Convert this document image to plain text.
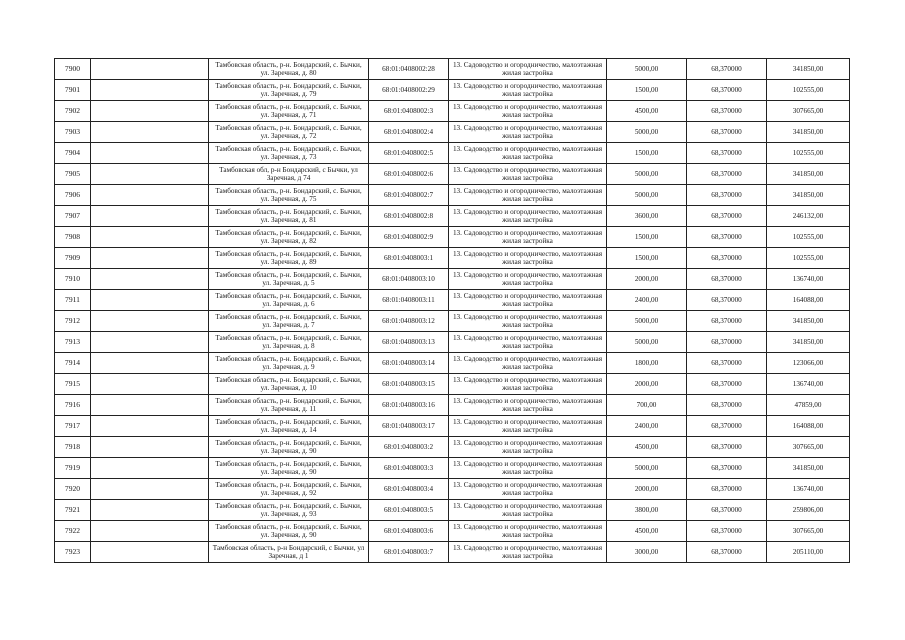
7900		Тамбовская область, р-н. Бондарский, с. Бычки, ул. Заречная, д. 80	68:01:0408002:28	13. Садоводство и огородничество, малоэтажная жилая застройка	5000,00	68,370000	341850,00
7901		Тамбовская область, р-н. Бондарский, с. Бычки, ул. Заречная, д. 79	68:01:0408002:29	13. Садоводство и огородничество, малоэтажная жилая застройка	1500,00	68,370000	102555,00
7902		Тамбовская область, р-н. Бондарский, с. Бычки, ул. Заречная, д. 71	68:01:0408002:3	13. Садоводство и огородничество, малоэтажная жилая застройка	4500,00	68,370000	307665,00
7903		Тамбовская область, р-н. Бондарский, с. Бычки, ул. Заречная, д. 72	68:01:0408002:4	13. Садоводство и огородничество, малоэтажная жилая застройка	5000,00	68,370000	341850,00
7904		Тамбовская область, р-н. Бондарский, с. Бычки, ул. Заречная, д. 73	68:01:0408002:5	13. Садоводство и огородничество, малоэтажная жилая застройка	1500,00	68,370000	102555,00
7905		Тамбовская обл, р-н Бондарский, с Бычки, ул Заречная, д 74	68:01:0408002:6	13. Садоводство и огородничество, малоэтажная жилая застройка	5000,00	68,370000	341850,00
7906		Тамбовская область, р-н. Бондарский, с. Бычки, ул. Заречная, д. 75	68:01:0408002:7	13. Садоводство и огородничество, малоэтажная жилая застройка	5000,00	68,370000	341850,00
7907		Тамбовская область, р-н. Бондарский, с. Бычки, ул. Заречная, д. 81	68:01:0408002:8	13. Садоводство и огородничество, малоэтажная жилая застройка	3600,00	68,370000	246132,00
7908		Тамбовская область, р-н. Бондарский, с. Бычки, ул. Заречная, д. 82	68:01:0408002:9	13. Садоводство и огородничество, малоэтажная жилая застройка	1500,00	68,370000	102555,00
7909		Тамбовская область, р-н. Бондарский, с. Бычки, ул. Заречная, д. 89	68:01:0408003:1	13. Садоводство и огородничество, малоэтажная жилая застройка	1500,00	68,370000	102555,00
7910		Тамбовская область, р-н. Бондарский, с. Бычки, ул. Заречная, д. 5	68:01:0408003:10	13. Садоводство и огородничество, малоэтажная жилая застройка	2000,00	68,370000	136740,00
7911		Тамбовская область, р-н. Бондарский, с. Бычки, ул. Заречная, д. 6	68:01:0408003:11	13. Садоводство и огородничество, малоэтажная жилая застройка	2400,00	68,370000	164088,00
7912		Тамбовская область, р-н. Бондарский, с. Бычки, ул. Заречная, д. 7	68:01:0408003:12	13. Садоводство и огородничество, малоэтажная жилая застройка	5000,00	68,370000	341850,00
7913		Тамбовская область, р-н. Бондарский, с. Бычки, ул. Заречная, д. 8	68:01:0408003:13	13. Садоводство и огородничество, малоэтажная жилая застройка	5000,00	68,370000	341850,00
7914		Тамбовская область, р-н. Бондарский, с. Бычки, ул. Заречная, д. 9	68:01:0408003:14	13. Садоводство и огородничество, малоэтажная жилая застройка	1800,00	68,370000	123066,00
7915		Тамбовская область, р-н. Бондарский, с. Бычки, ул. Заречная, д. 10	68:01:0408003:15	13. Садоводство и огородничество, малоэтажная жилая застройка	2000,00	68,370000	136740,00
7916		Тамбовская область, р-н. Бондарский, с. Бычки, ул. Заречная, д. 11	68:01:0408003:16	13. Садоводство и огородничество, малоэтажная жилая застройка	700,00	68,370000	47859,00
7917		Тамбовская область, р-н. Бондарский, с. Бычки, ул. Заречная, д. 14	68:01:0408003:17	13. Садоводство и огородничество, малоэтажная жилая застройка	2400,00	68,370000	164088,00
7918		Тамбовская область, р-н. Бондарский, с. Бычки, ул. Заречная, д. 90	68:01:0408003:2	13. Садоводство и огородничество, малоэтажная жилая застройка	4500,00	68,370000	307665,00
7919		Тамбовская область, р-н. Бондарский, с. Бычки, ул. Заречная, д. 90	68:01:0408003:3	13. Садоводство и огородничество, малоэтажная жилая застройка	5000,00	68,370000	341850,00
7920		Тамбовская область, р-н. Бондарский, с. Бычки, ул. Заречная, д. 92	68:01:0408003:4	13. Садоводство и огородничество, малоэтажная жилая застройка	2000,00	68,370000	136740,00
7921		Тамбовская область, р-н. Бондарский, с. Бычки, ул. Заречная, д. 93	68:01:0408003:5	13. Садоводство и огородничество, малоэтажная жилая застройка	3800,00	68,370000	259806,00
7922		Тамбовская область, р-н. Бондарский, с. Бычки, ул. Заречная, д. 90	68:01:0408003:6	13. Садоводство и огородничество, малоэтажная жилая застройка	4500,00	68,370000	307665,00
7923		Тамбовская область, р-н Бондарский, с Бычки, ул Заречная, д 1	68:01:0408003:7	13. Садоводство и огородничество, малоэтажная жилая застройка	3000,00	68,370000	205110,00
